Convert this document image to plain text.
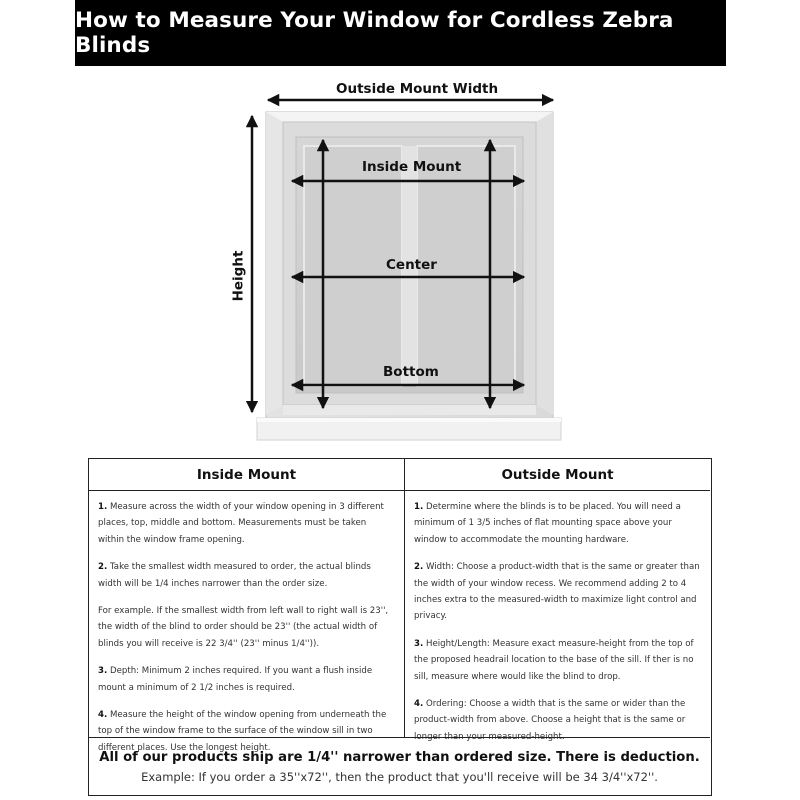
How to Measure Your Window for Cordless Zebra Blinds
Outside Mount Width
Height
Inside Mount
Center
Bottom
Inside Mount

1. Measure across the width of your window opening in 3 different places, top, middle and bottom. Measurements must be taken within the window frame opening.

2. Take the smallest width measured to order, the actual blinds width will be 1/4 inches narrower than the order size.

For example. If the smallest width from left wall to right wall is 23'', the width of the blind to order should be 23'' (the actual width of blinds you will receive is 22 3/4'' (23'' minus 1/4'')).

3. Depth: Minimum 2 inches required. If you want a flush inside mount a minimum of 2 1/2 inches is required.

4. Measure the height of the window opening from underneath the top of the window frame to the surface of the window sill in two different places. Use the longest height.

Outside Mount

1. Determine where the blinds is to be placed. You will need a minimum of 1 3/5 inches of flat mounting space above your window to accommodate the mounting hardware.

2. Width: Choose a product-width that is the same or greater than the width of your window recess. We recommend adding 2 to 4 inches extra to the measured-width to maximize light control and privacy.

3. Height/Length: Measure exact measure-height from the top of the proposed headrail location to the base of the sill. If ther is no sill, measure where would like the blind to drop.

4. Ordering: Choose a width that is the same or wider than the product-width from above. Choose a height that is the same or longer than your measured-height.

All of our products ship are 1/4'' narrower than ordered size. There is deduction.
Example: If you order a 35''x72'', then the product that you'll receive will be 34 3/4''x72''.
